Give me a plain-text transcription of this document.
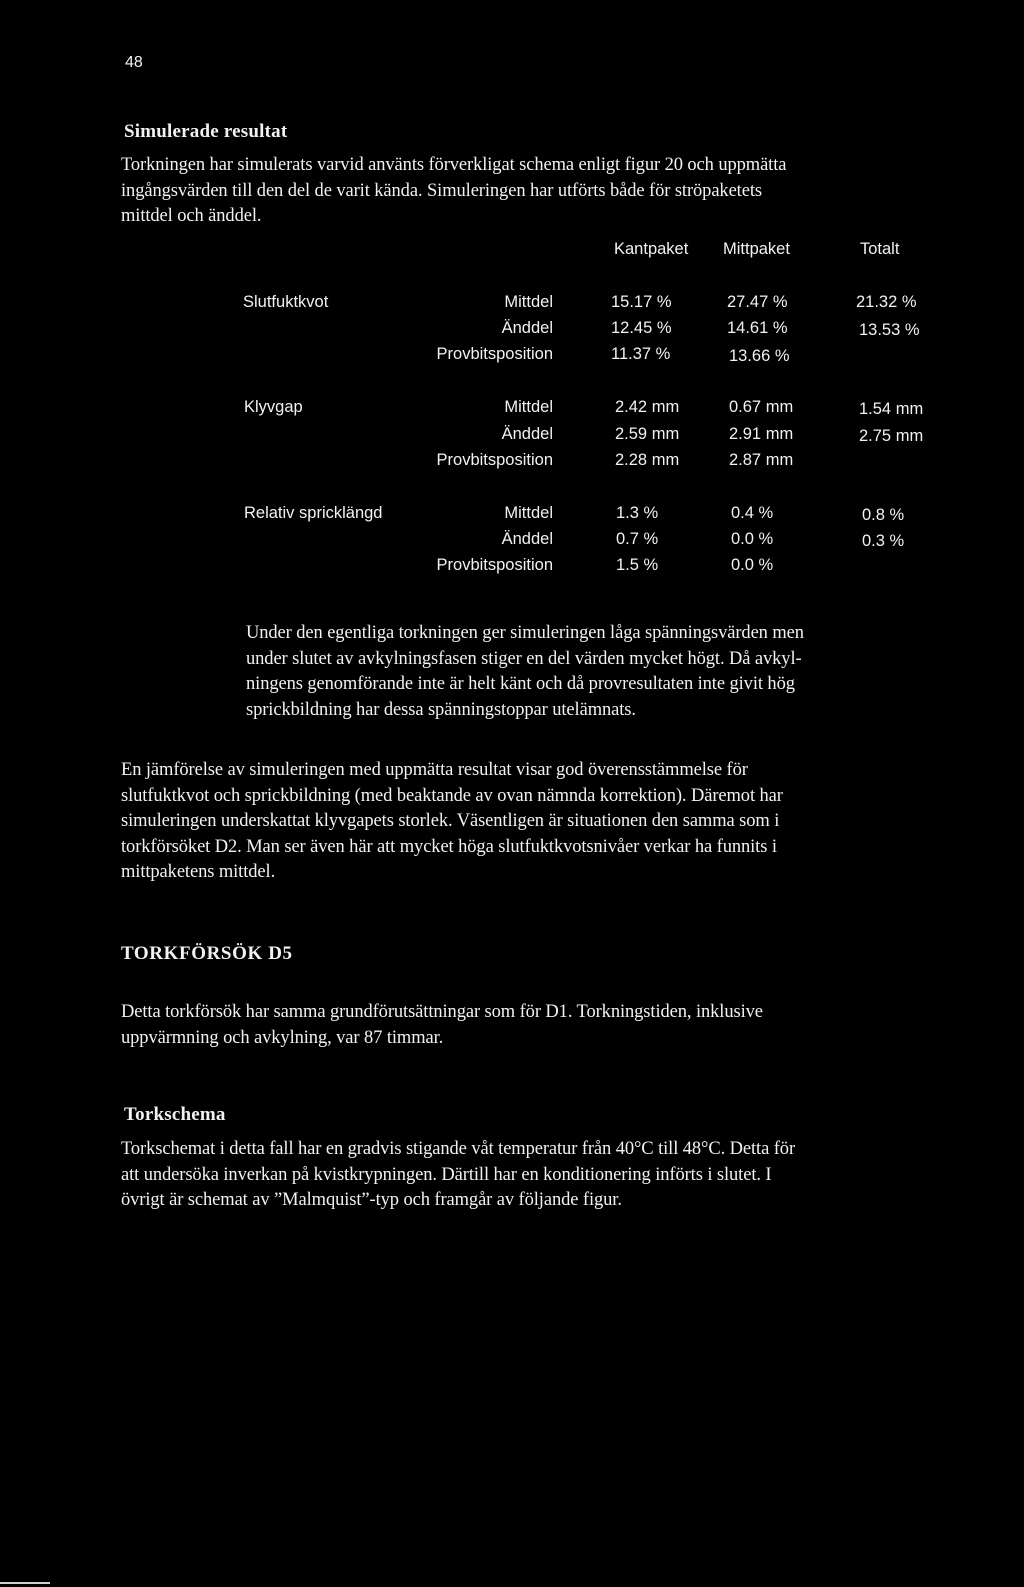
48
Simulerade resultat

Torkningen har simulerats varvid använts förverkligat schema enligt figur 20 och uppmätta

ingångsvärden till den del de varit kända. Simuleringen har utförts både för ströpaketets

mittdel och änddel.

Kantpaket Mittpaket	Totalt
Slutfuktkvot	Mittdel	15.17 %	27.47 %	21.32 %
Änddel	12.45 %	14.61 %	13.53 %
Provbitsposition	11.37 %	13.66 %
Klyvgap	Mittdel	2.42 mm	0.67 mm	1.54 mm
Änddel	2.59 mm	2.91 mm	2.75 mm
Provbitsposition	2.28 mm	2.87 mm
Relativ spricklängd	Mittdel	1.3 %	0.4 %	0.8 %
Änddel	0.7 %	0.0 %	0.3 %
Provbitsposition	1.5 %	0.0 %

Under den egentliga torkningen ger simuleringen låga spänningsvärden men

under slutet av avkylningsfasen stiger en del värden mycket högt. Då avkyl-

ningens genomförande inte är helt känt och då provresultaten inte givit hög

sprickbildning har dessa spänningstoppar utelämnats.

En jämförelse av simuleringen med uppmätta resultat visar god överensstämmelse för

slutfuktkvot och sprickbildning (med beaktande av ovan nämnda korrektion). Däremot har

simuleringen underskattat klyvgapets storlek. Väsentligen är situationen den samma som i

torkförsöket D2. Man ser även här att mycket höga slutfuktkvotsnivåer verkar ha funnits i

mittpaketens mittdel.

TORKFÖRSÖK D5

Detta torkförsök har samma grundförutsättningar som för D1. Torkningstiden, inklusive

uppvärmning och avkylning, var 87 timmar.

Torkschema

Torkschemat i detta fall har en gradvis stigande våt temperatur från 40°C till 48°C. Detta för

att undersöka inverkan på kvistkrypningen. Därtill har en konditionering införts i slutet. I

övrigt är schemat av ”Malmquist”-typ och framgår av följande figur.
